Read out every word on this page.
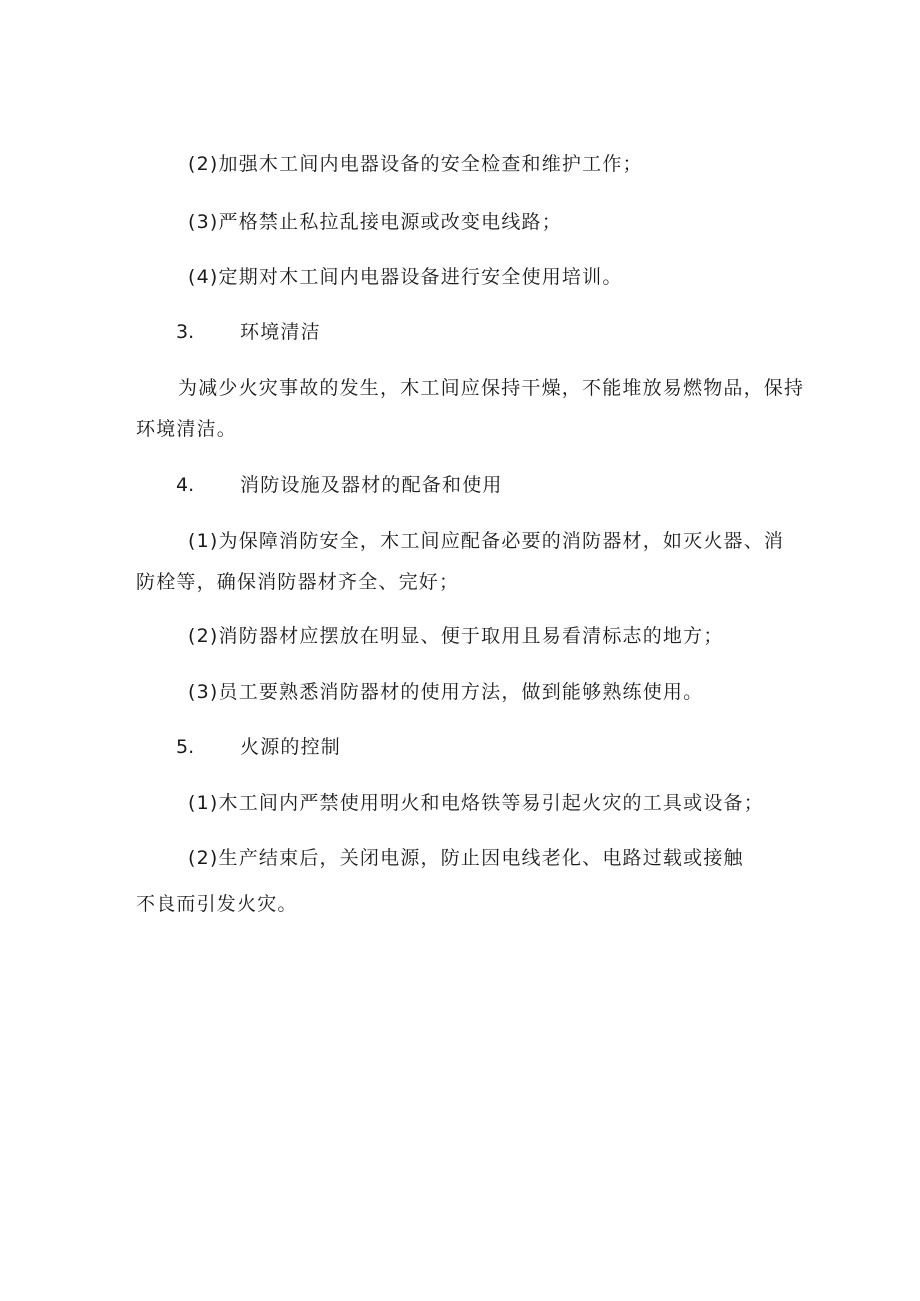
(2)加强木工间内电器设备的安全检查和维护工作；
(3)严格禁止私拉乱接电源或改变电线路；
(4)定期对木工间内电器设备进行安全使用培训。
3. 环境清洁
为减少火灾事故的发生，木工间应保持干燥，不能堆放易燃物品，保持
环境清洁。
4. 消防设施及器材的配备和使用
(1)为保障消防安全，木工间应配备必要的消防器材，如灭火器、消
防栓等，确保消防器材齐全、完好；
(2)消防器材应摆放在明显、便于取用且易看清标志的地方；
(3)员工要熟悉消防器材的使用方法，做到能够熟练使用。
5. 火源的控制
(1)木工间内严禁使用明火和电烙铁等易引起火灾的工具或设备；
(2)生产结束后，关闭电源，防止因电线老化、电路过载或接触
不良而引发火灾。
